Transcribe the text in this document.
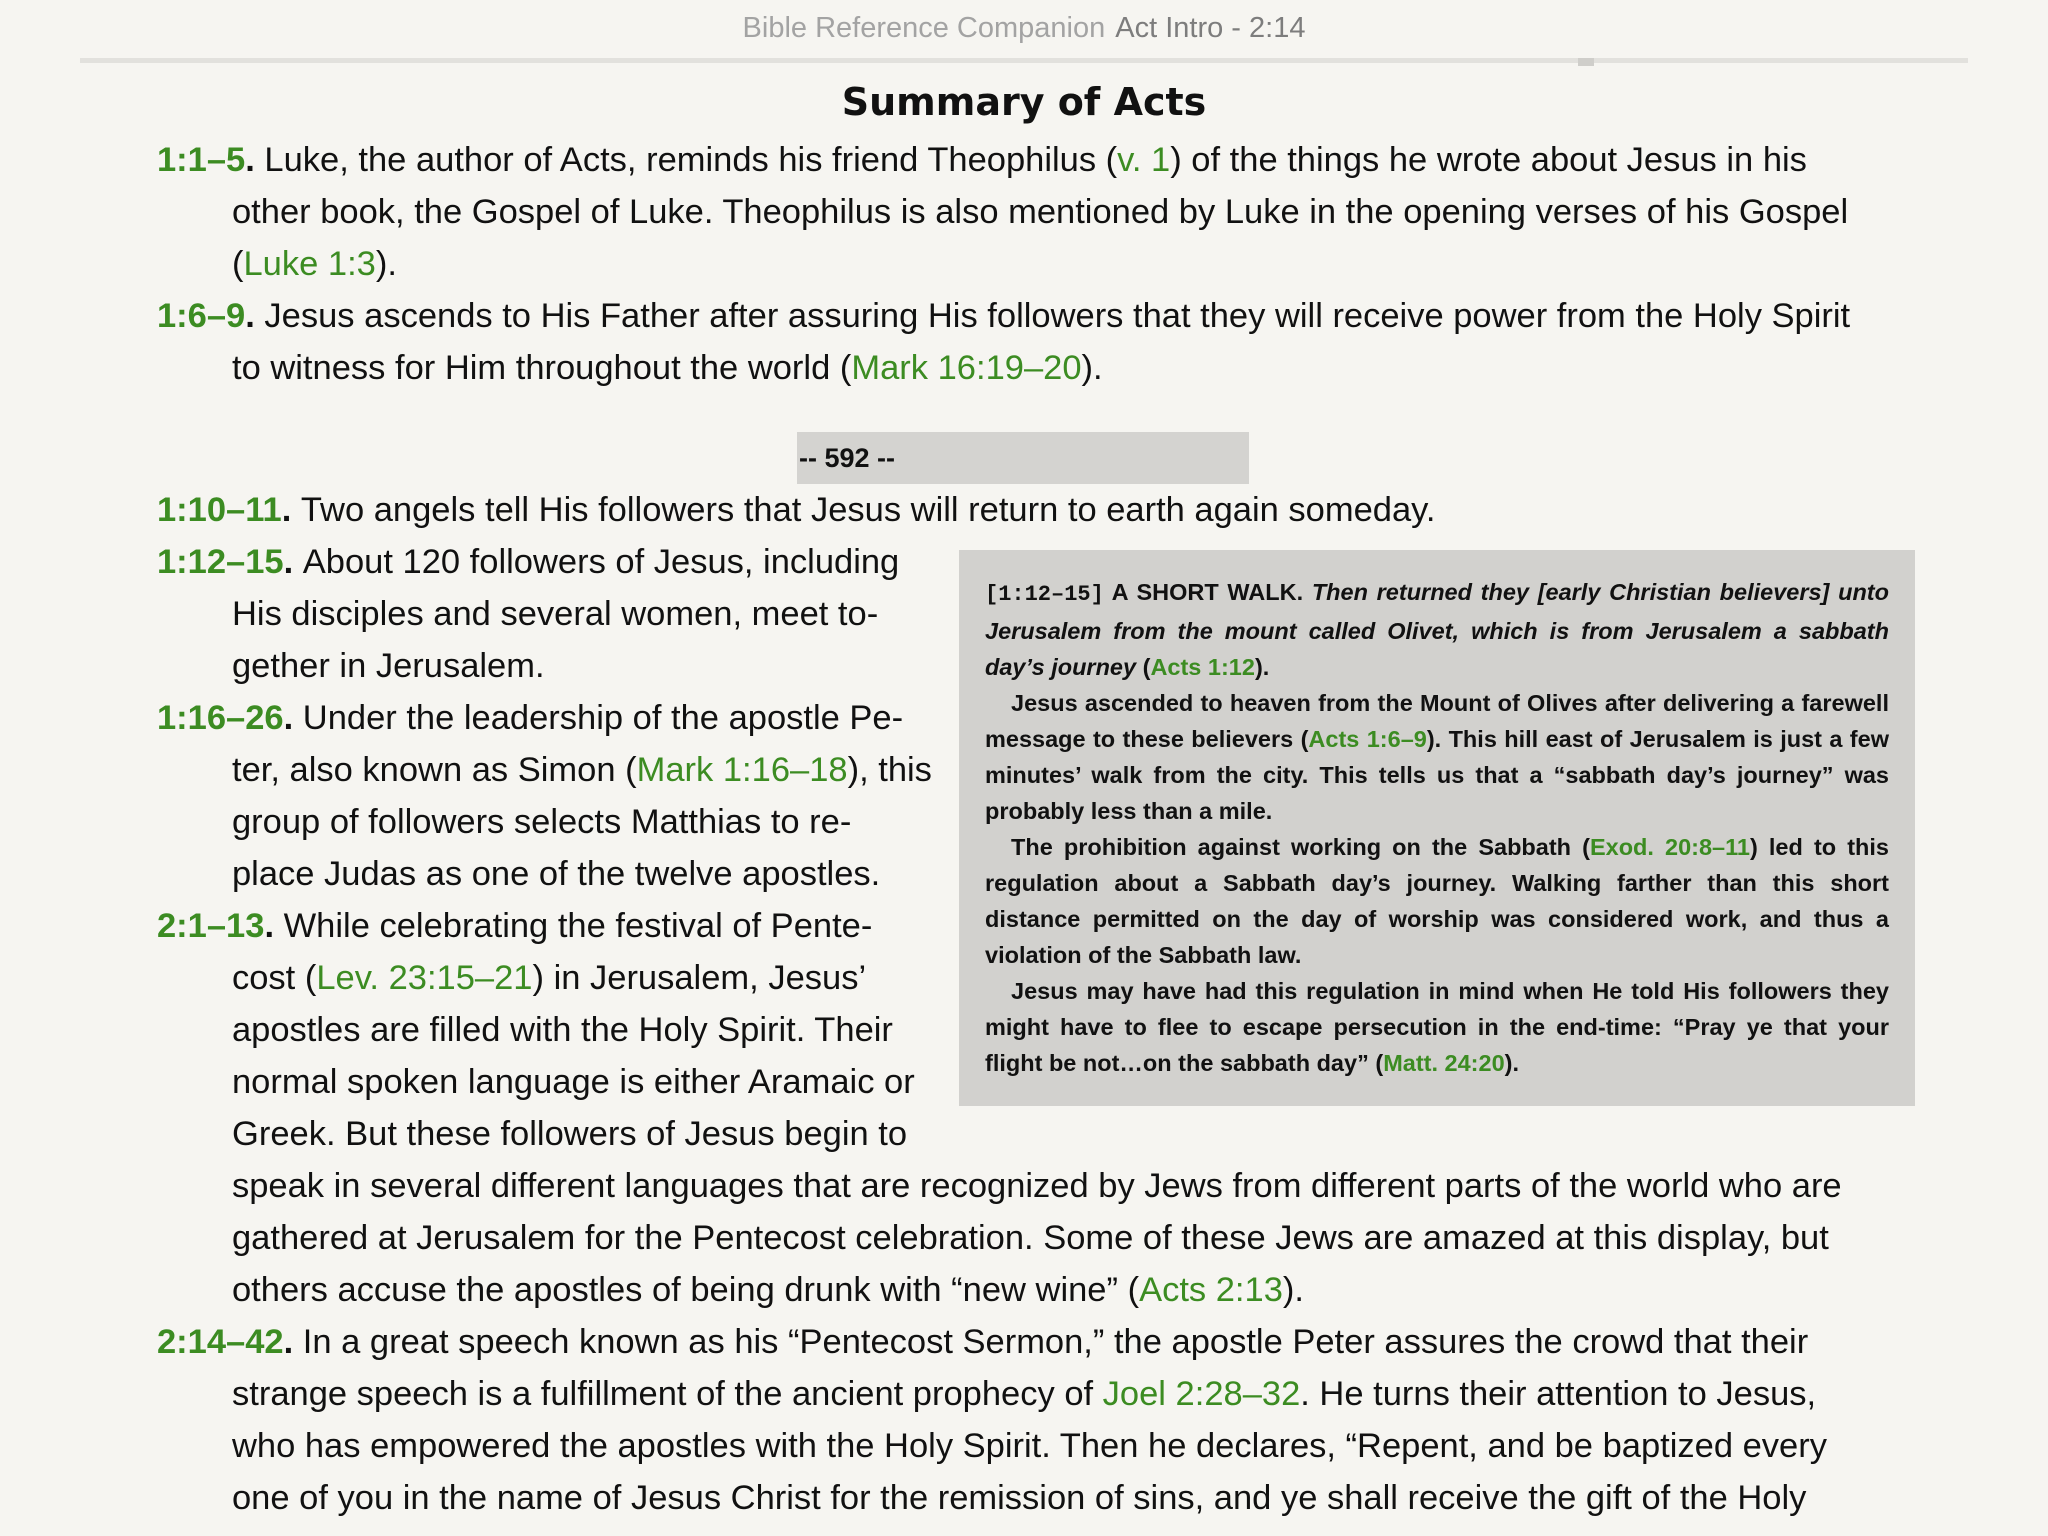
Bible Reference Companion Act Intro - 2:14
Summary of Acts
1:1–5. Luke, the author of Acts, reminds his friend Theophilus (v. 1) of the things he wrote about Jesus in his
other book, the Gospel of Luke. Theophilus is also mentioned by Luke in the opening verses of his Gospel
(Luke 1:3).
1:6–9. Jesus ascends to His Father after assuring His followers that they will receive power from the Holy Spirit
to witness for Him throughout the world (Mark 16:19–20).
-- 592 --
1:10–11. Two angels tell His followers that Jesus will return to earth again someday.
1:12–15. About 120 followers of Jesus, including
His disciples and several women, meet to-
gether in Jerusalem.
1:16–26. Under the leadership of the apostle Pe-
ter, also known as Simon (Mark 1:16–18), this
group of followers selects Matthias to re-
place Judas as one of the twelve apostles.
2:1–13. While celebrating the festival of Pente-
cost (Lev. 23:15–21) in Jerusalem, Jesus’
apostles are filled with the Holy Spirit. Their
normal spoken language is either Aramaic or
Greek. But these followers of Jesus begin to
speak in several different languages that are recognized by Jews from different parts of the world who are
gathered at Jerusalem for the Pentecost celebration. Some of these Jews are amazed at this display, but
others accuse the apostles of being drunk with “new wine” (Acts 2:13).
2:14–42. In a great speech known as his “Pentecost Sermon,” the apostle Peter assures the crowd that their
strange speech is a fulfillment of the ancient prophecy of Joel 2:28–32. He turns their attention to Jesus,
who has empowered the apostles with the Holy Spirit. Then he declares, “Repent, and be baptized every
one of you in the name of Jesus Christ for the remission of sins, and ye shall receive the gift of the Holy

[1:12–15] A SHORT WALK. Then returned they [early Christian believers] unto Jerusalem from the mount called Olivet, which is from Jerusalem a sabbath day’s journey (Acts 1:12).

Jesus ascended to heaven from the Mount of Olives after delivering a farewell message to these believers (Acts 1:6–9). This hill east of Jerusalem is just a few minutes’ walk from the city. This tells us that a “sabbath day’s journey” was probably less than a mile.

The prohibition against working on the Sabbath (Exod. 20:8–11) led to this regulation about a Sabbath day’s journey. Walking farther than this short distance permitted on the day of worship was considered work, and thus a violation of the Sabbath law.

Jesus may have had this regulation in mind when He told His followers they might have to flee to escape persecution in the end-time: “Pray ye that your flight be not…on the sabbath day” (Matt. 24:20).
